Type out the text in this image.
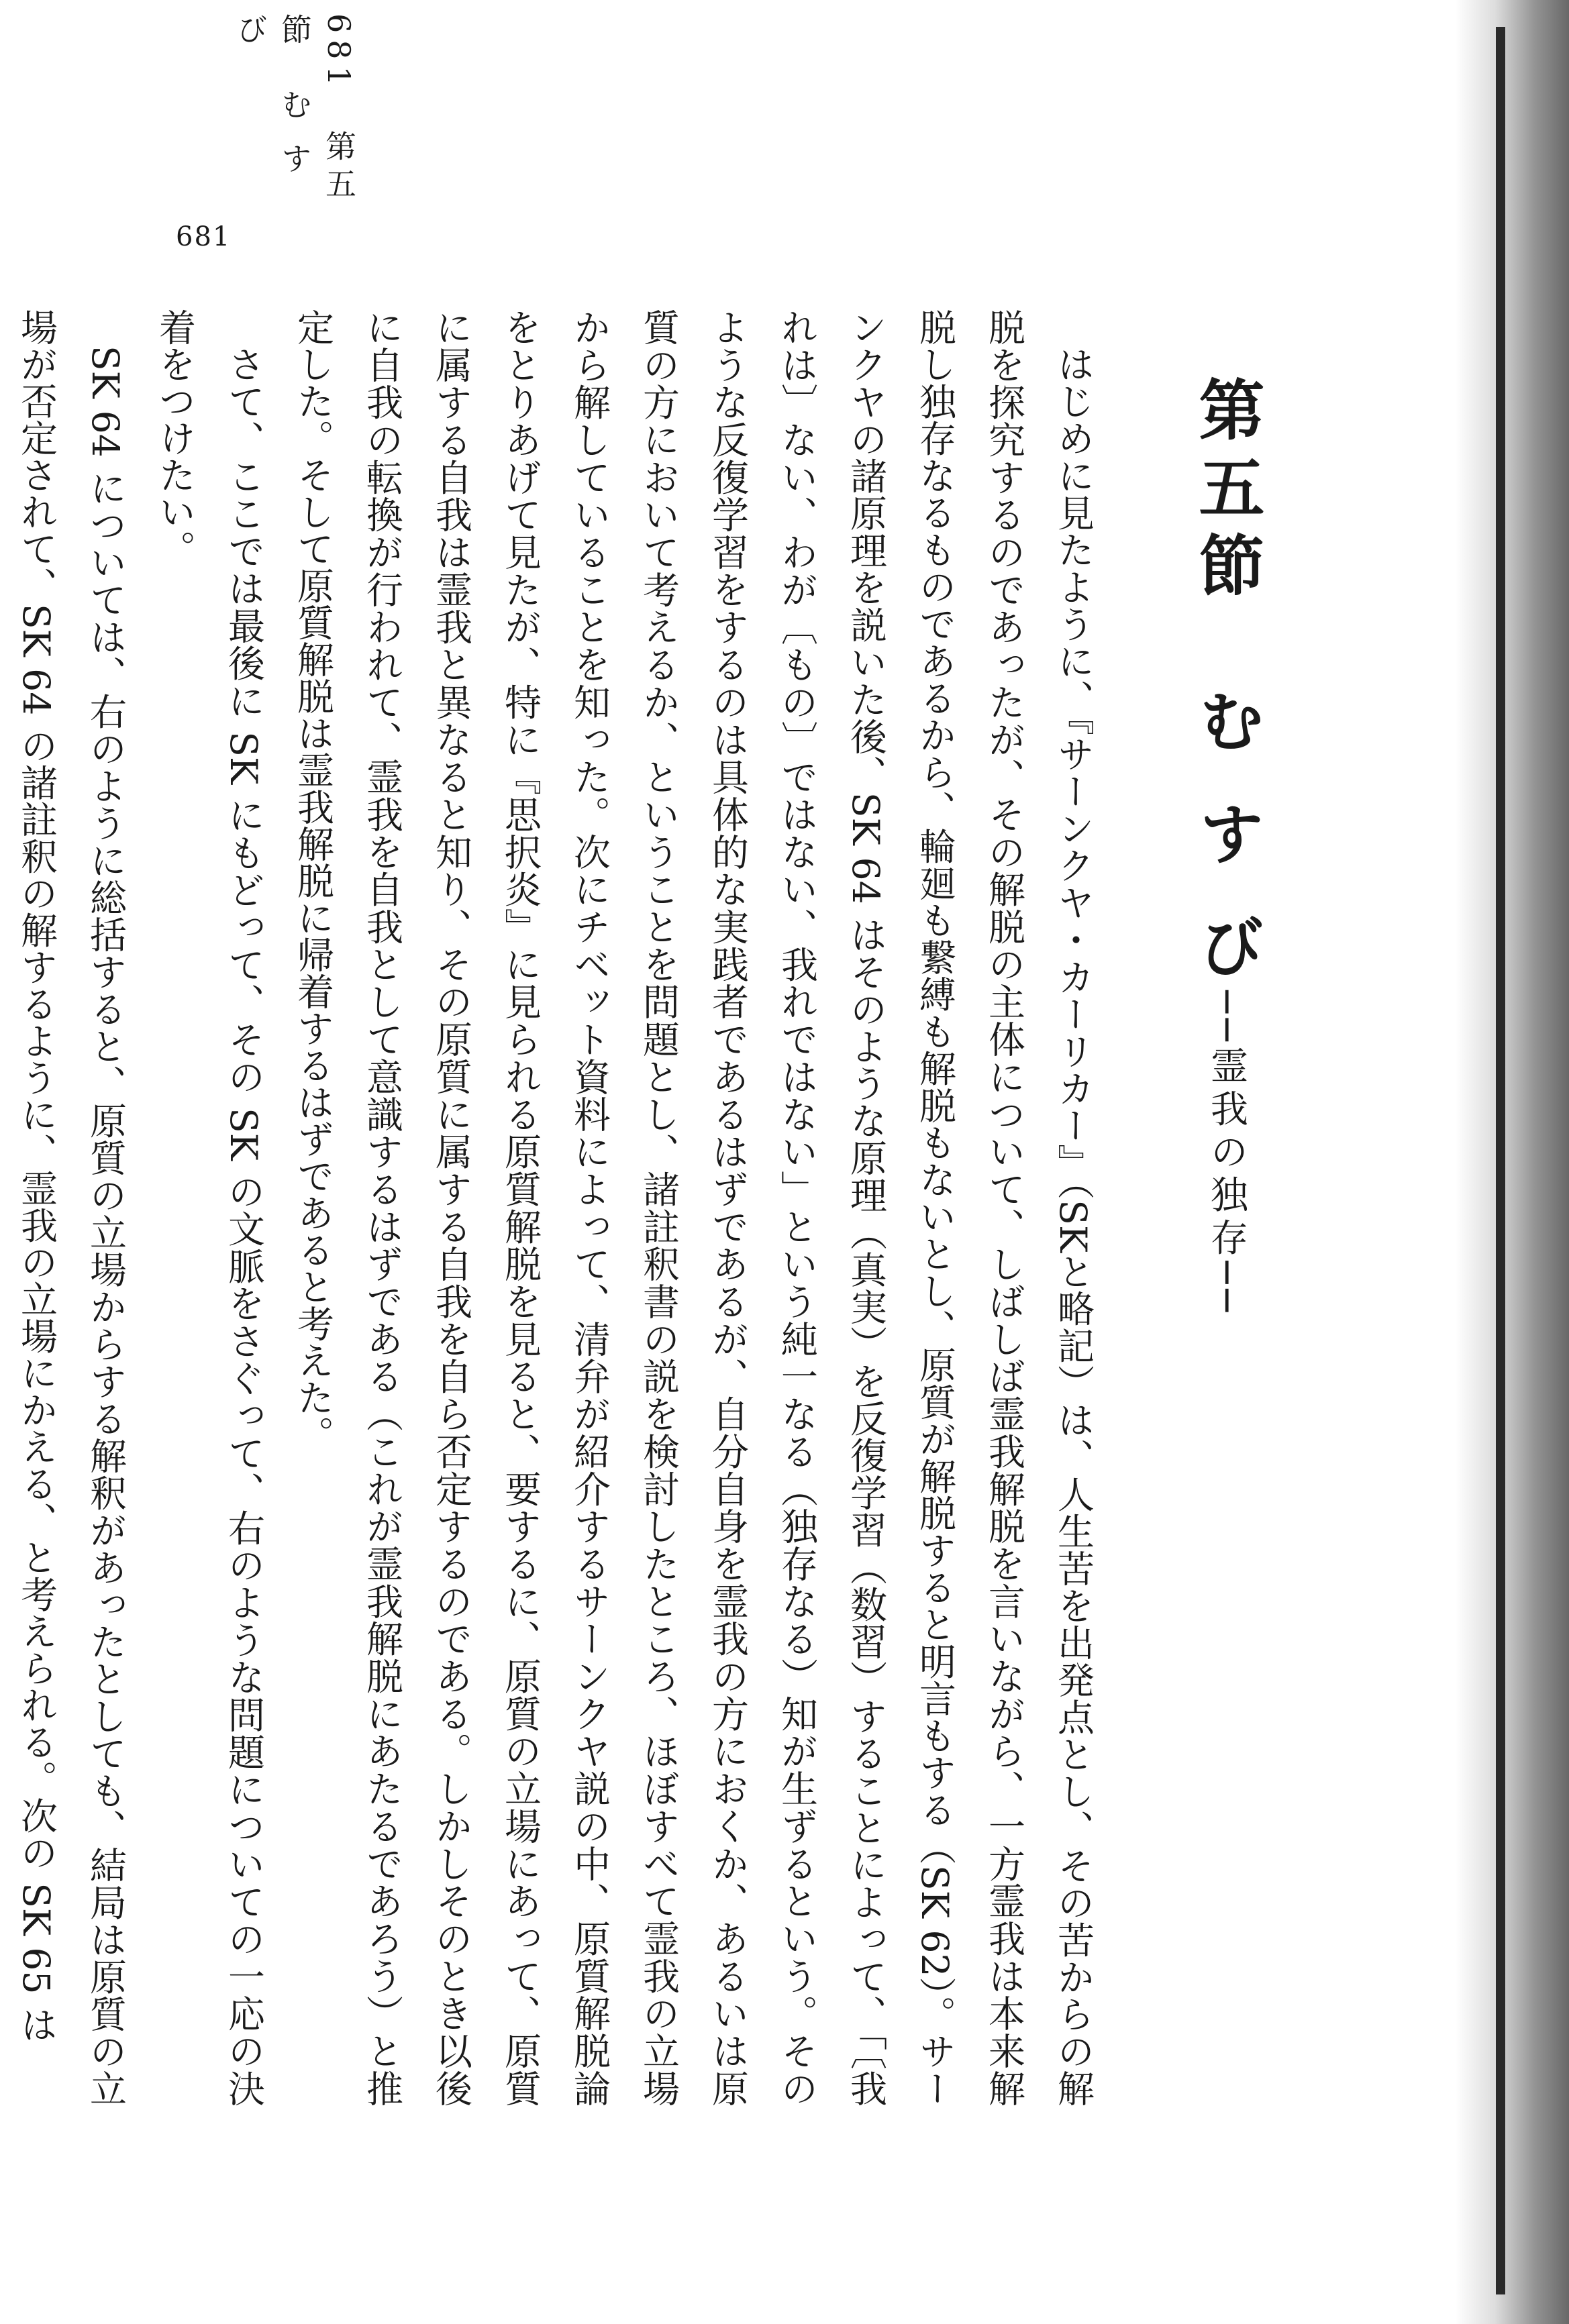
681　第五節　む す び
第五節　む す び──霊我の独存──

はじめに見たように、『サーンクヤ・カーリカー』（SKと略記）は、人生苦を出発点とし、その苦からの解脱を探究するのであったが、その解脱の主体について、しばしば霊我解脱を言いながら、一方霊我は本来解脱し独存なるものであるから、輪廻も繋縛も解脱もないとし、原質が解脱すると明言もする（SK 62）。サーンクヤの諸原理を説いた後、SK 64 はそのような原理（真実）を反復学習（数習）することによって、「〔我れは〕ない、わが〔もの〕ではない、我れではない」という純一なる（独存なる）知が生ずるという。そのような反復学習をするのは具体的な実践者であるはずであるが、自分自身を霊我の方におくか、あるいは原質の方において考えるか、ということを問題とし、諸註釈書の説を検討したところ、ほぼすべて霊我の立場から解していることを知った。次にチベット資料によって、清弁が紹介するサーンクヤ説の中、原質解脱論をとりあげて見たが、特に『思択炎』に見られる原質解脱を見ると、要するに、原質の立場にあって、原質に属する自我は霊我と異なると知り、その原質に属する自我を自ら否定するのである。しかしそのとき以後に自我の転換が行われて、霊我を自我として意識するはずである（これが霊我解脱にあたるであろう）と推定した。そして原質解脱は霊我解脱に帰着するはずであると考えた。

さて、ここでは最後に SK にもどって、その SK の文脈をさぐって、右のような問題についての一応の決着をつけたい。

SK 64 については、右のように総括すると、原質の立場からする解釈があったとしても、結局は原質の立場が否定されて、SK 64 の諸註釈の解するように、霊我の立場にかえる、と考えられる。次の SK 65 は

681
